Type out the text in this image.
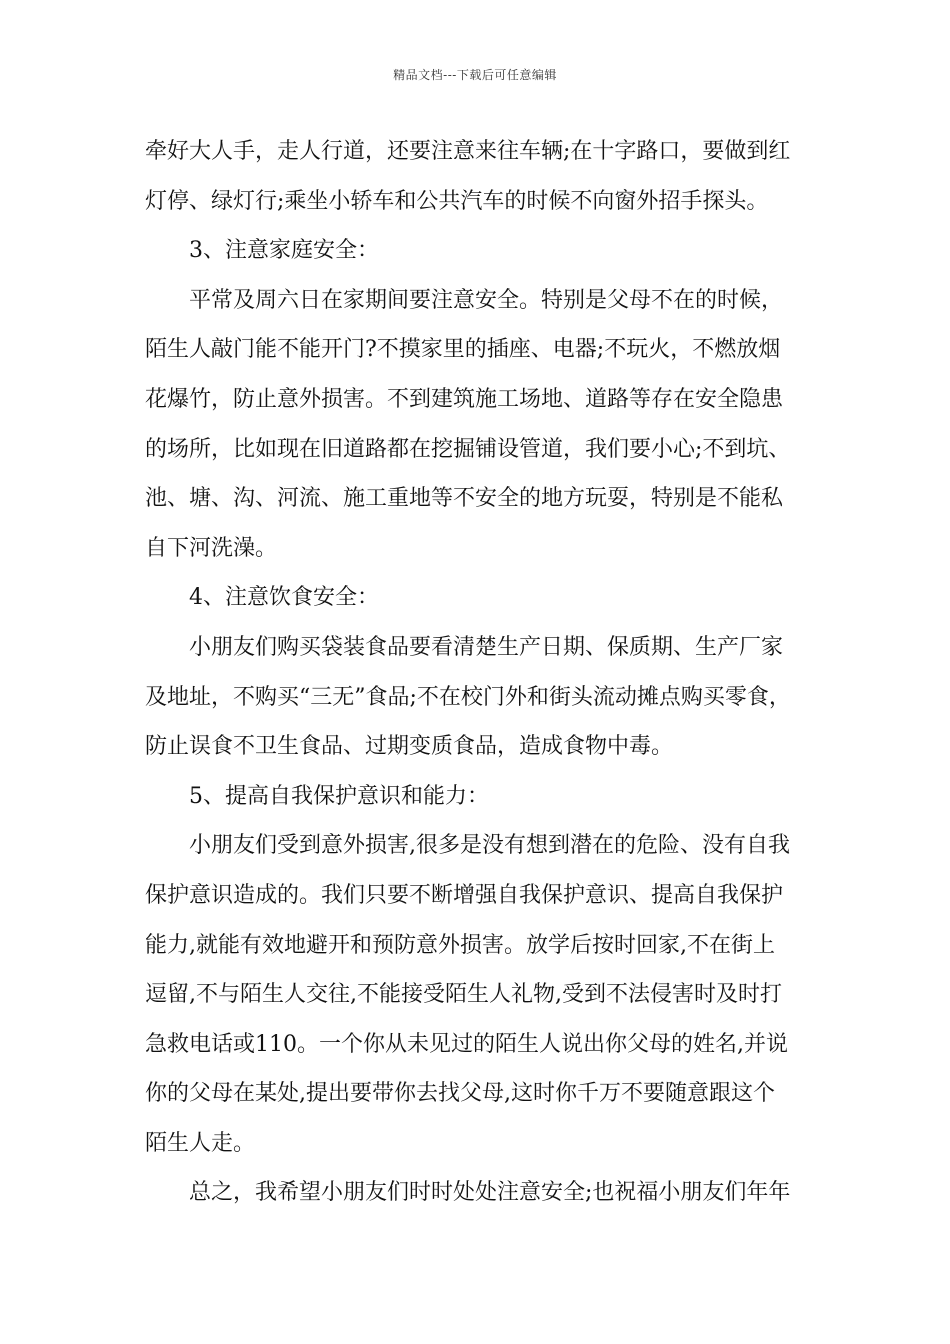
精品文档---下载后可任意编辑
牵好大人手，走人行道，还要注意来往车辆;在十字路口，要做到红
灯停、绿灯行;乘坐小轿车和公共汽车的时候不向窗外招手探头。
3、注意家庭安全：
平常及周六日在家期间要注意安全。特别是父母不在的时候，
陌生人敲门能不能开门?不摸家里的插座、电器;不玩火，不燃放烟
花爆竹，防止意外损害。不到建筑施工场地、道路等存在安全隐患
的场所，比如现在旧道路都在挖掘铺设管道，我们要小心;不到坑、
池、塘、沟、河流、施工重地等不安全的地方玩耍，特别是不能私
自下河洗澡。
4、注意饮食安全：
小朋友们购买袋装食品要看清楚生产日期、保质期、生产厂家
及地址，不购买“三无”食品;不在校门外和街头流动摊点购买零食，
防止误食不卫生食品、过期变质食品，造成食物中毒。
5、提高自我保护意识和能力：
小朋友们受到意外损害,很多是没有想到潜在的危险、没有自我
保护意识造成的。我们只要不断增强自我保护意识、提高自我保护
能力,就能有效地避开和预防意外损害。放学后按时回家,不在街上
逗留,不与陌生人交往,不能接受陌生人礼物,受到不法侵害时及时打
急救电话或110。一个你从未见过的陌生人说出你父母的姓名,并说
你的父母在某处,提出要带你去找父母,这时你千万不要随意跟这个
陌生人走。
总之，我希望小朋友们时时处处注意安全;也祝福小朋友们年年
